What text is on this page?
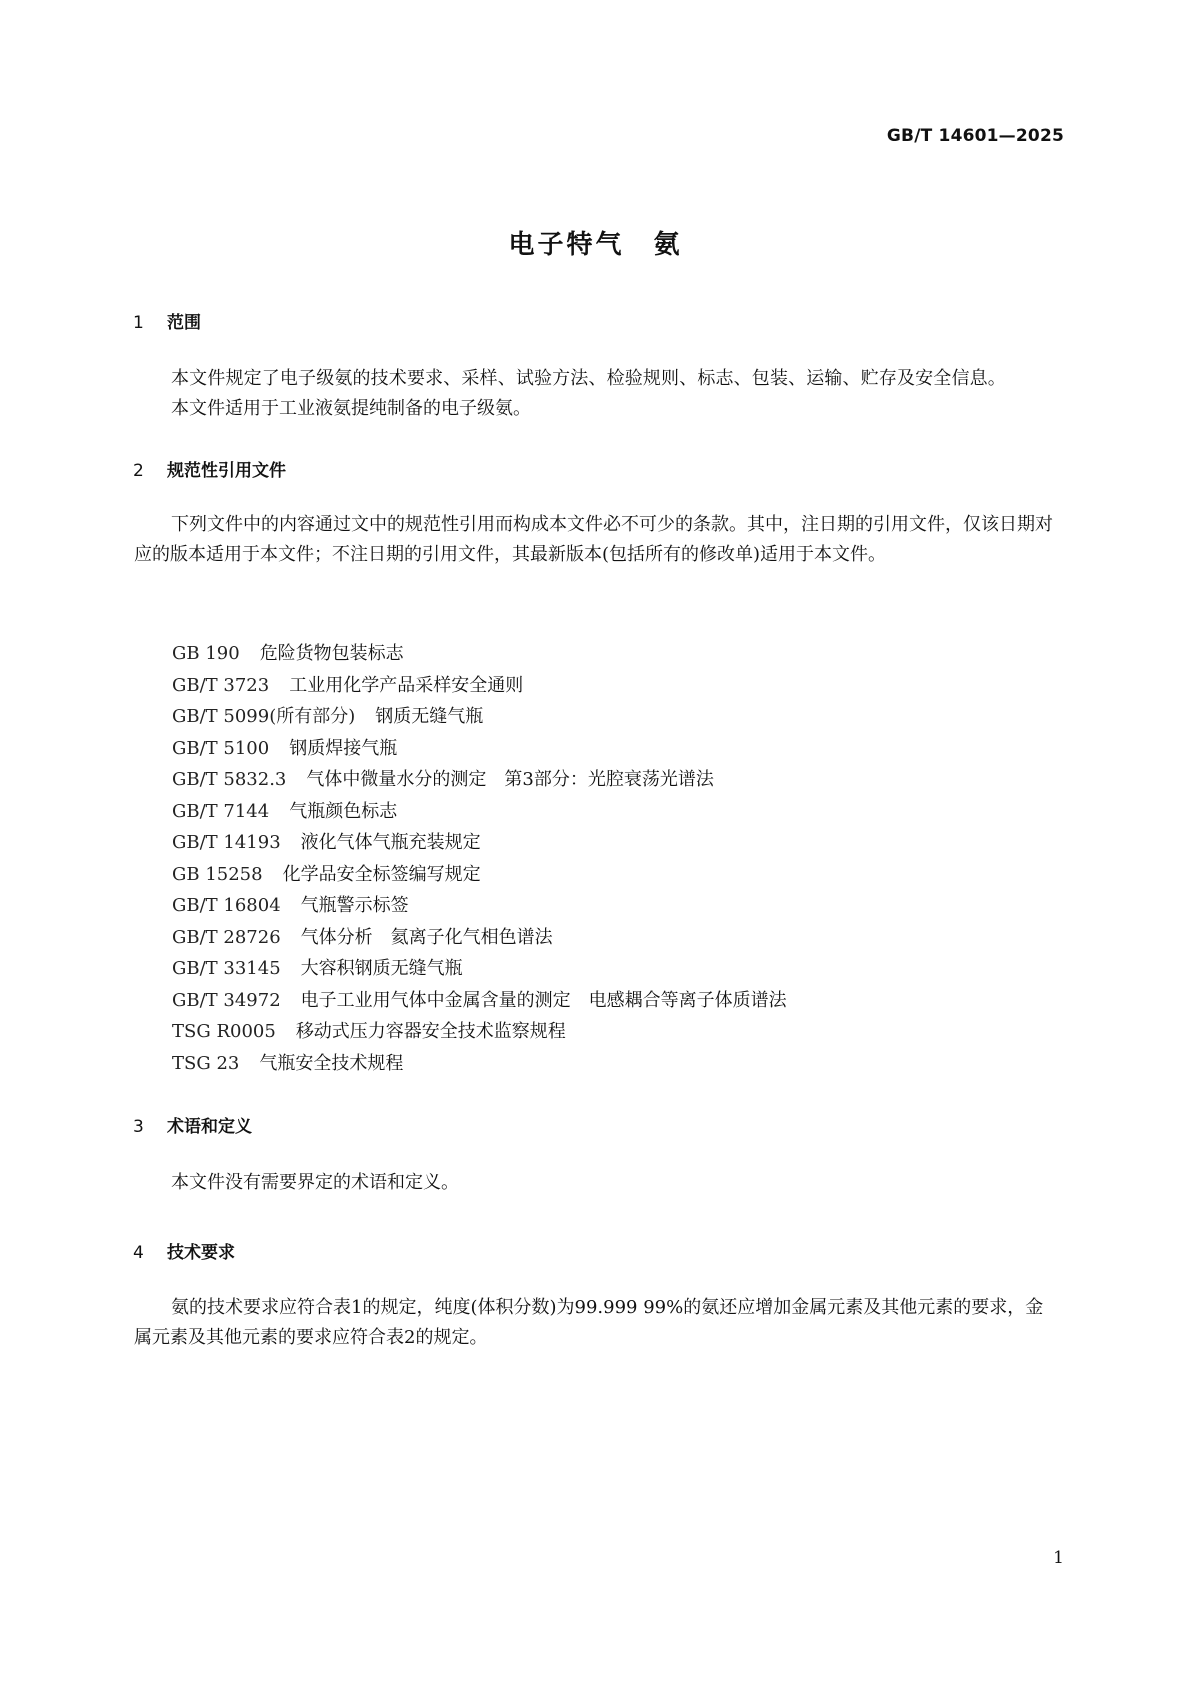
GB/T 14601—2025
电子特气　氨
1 范围

本文件规定了电子级氨的技术要求、采样、试验方法、检验规则、标志、包装、运输、贮存及安全信息。

本文件适用于工业液氨提纯制备的电子级氨。

2 规范性引用文件

下列文件中的内容通过文中的规范性引用而构成本文件必不可少的条款。其中，注日期的引用文件，仅该日期对应的版本适用于本文件；不注日期的引用文件，其最新版本(包括所有的修改单)适用于本文件。

GB 190 危险货物包装标志
GB/T 3723 工业用化学产品采样安全通则
GB/T 5099(所有部分) 钢质无缝气瓶
GB/T 5100 钢质焊接气瓶
GB/T 5832.3 气体中微量水分的测定　第3部分：光腔衰荡光谱法
GB/T 7144 气瓶颜色标志
GB/T 14193 液化气体气瓶充装规定
GB 15258 化学品安全标签编写规定
GB/T 16804 气瓶警示标签
GB/T 28726 气体分析　氦离子化气相色谱法
GB/T 33145 大容积钢质无缝气瓶
GB/T 34972 电子工业用气体中金属含量的测定　电感耦合等离子体质谱法
TSG R0005 移动式压力容器安全技术监察规程
TSG 23 气瓶安全技术规程
3 术语和定义

本文件没有需要界定的术语和定义。

4 技术要求

氨的技术要求应符合表1的规定，纯度(体积分数)为99.999 99%的氨还应增加金属元素及其他元素的要求，金属元素及其他元素的要求应符合表2的规定。

1
